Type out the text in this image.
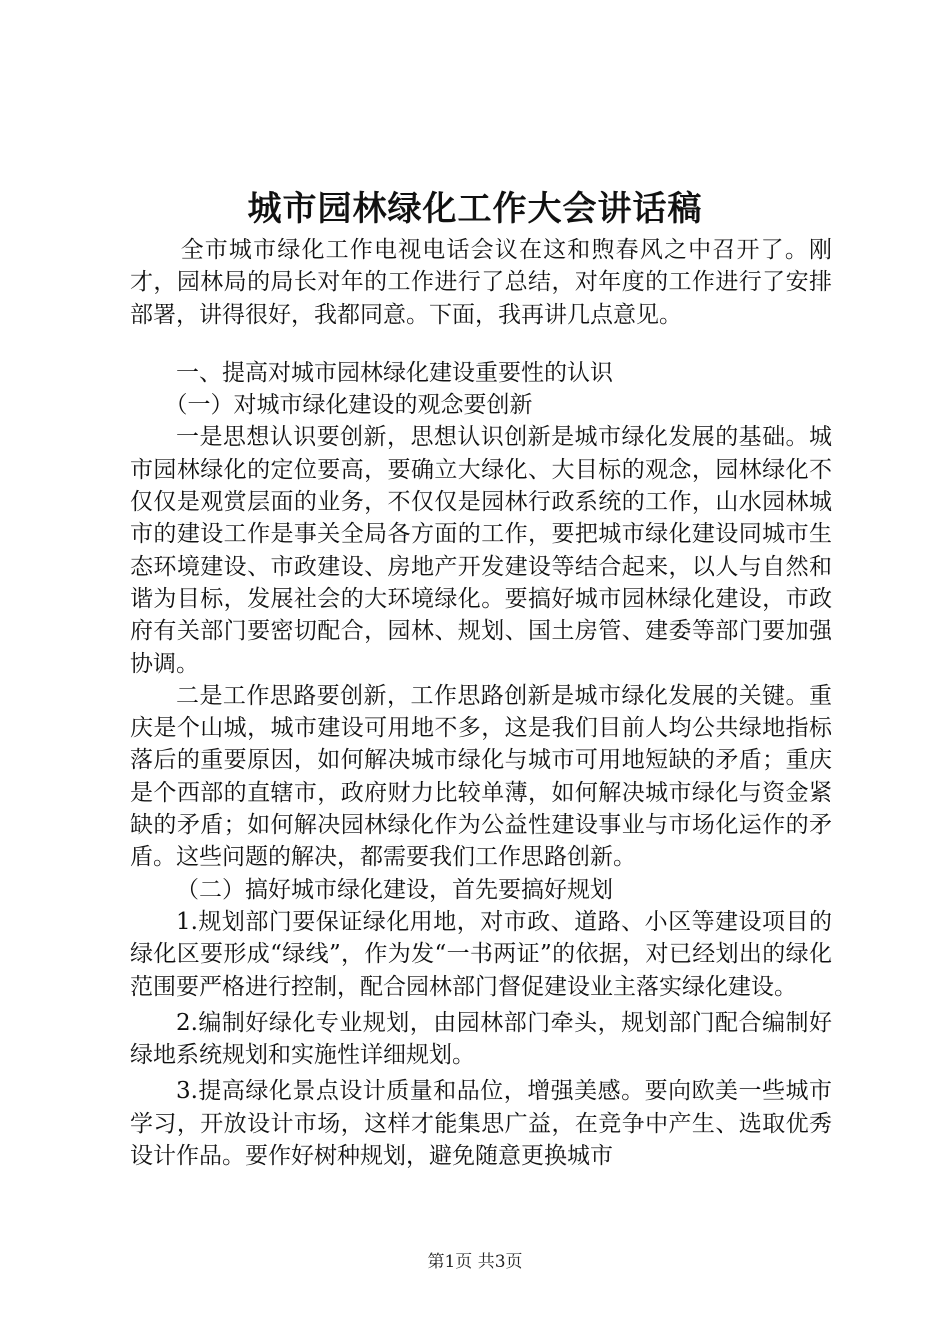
城市园林绿化工作大会讲话稿

全市城市绿化工作电视电话会议在这和煦春风之中召开了。刚才，园林局的局长对年的工作进行了总结，对年度的工作进行了安排部署，讲得很好，我都同意。下面，我再讲几点意见。

一、提高对城市园林绿化建设重要性的认识

（一）对城市绿化建设的观念要创新

一是思想认识要创新，思想认识创新是城市绿化发展的基础。城市园林绿化的定位要高，要确立大绿化、大目标的观念，园林绿化不仅仅是观赏层面的业务，不仅仅是园林行政系统的工作，山水园林城市的建设工作是事关全局各方面的工作，要把城市绿化建设同城市生态环境建设、市政建设、房地产开发建设等结合起来，以人与自然和谐为目标，发展社会的大环境绿化。要搞好城市园林绿化建设，市政府有关部门要密切配合，园林、规划、国土房管、建委等部门要加强协调。

二是工作思路要创新，工作思路创新是城市绿化发展的关键。重庆是个山城，城市建设可用地不多，这是我们目前人均公共绿地指标落后的重要原因，如何解决城市绿化与城市可用地短缺的矛盾；重庆是个西部的直辖市，政府财力比较单薄，如何解决城市绿化与资金紧缺的矛盾；如何解决园林绿化作为公益性建设事业与市场化运作的矛盾。这些问题的解决，都需要我们工作思路创新。

（二）搞好城市绿化建设，首先要搞好规划

1.规划部门要保证绿化用地，对市政、道路、小区等建设项目的绿化区要形成“绿线”，作为发“一书两证”的依据，对已经划出的绿化范围要严格进行控制，配合园林部门督促建设业主落实绿化建设。

2.编制好绿化专业规划，由园林部门牵头，规划部门配合编制好绿地系统规划和实施性详细规划。

3.提高绿化景点设计质量和品位，增强美感。要向欧美一些城市学习，开放设计市场，这样才能集思广益，在竞争中产生、选取优秀设计作品。要作好树种规划，避免随意更换城市

第1页 共3页
